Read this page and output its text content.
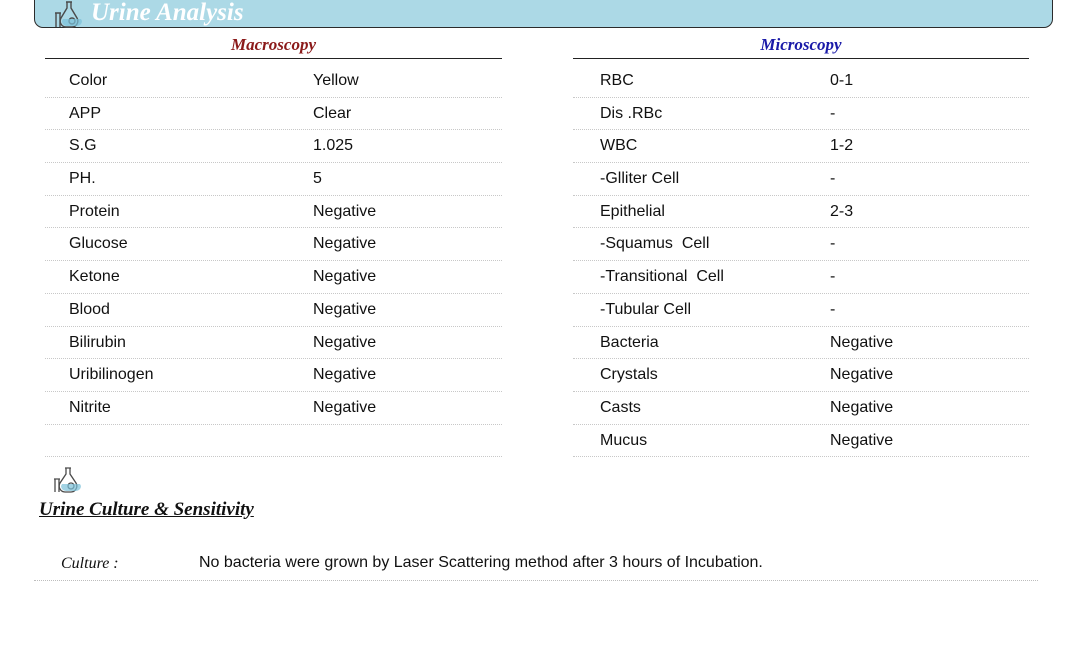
Urine Analysis
Macroscopy
Color	Yellow
APP	Clear
S.G	1.025
PH.	5
Protein	Negative
Glucose	Negative
Ketone	Negative
Blood	Negative
Bilirubin	Negative
Uribilinogen	Negative
Nitrite	Negative
Microscopy
RBC	0-1
Dis .RBc	-
WBC	1-2
-Glliter Cell	-
Epithelial	2-3
-Squamus  Cell	-
-Transitional  Cell	-
-Tubular Cell	-
Bacteria	Negative
Crystals	Negative
Casts	Negative
Mucus	Negative
Urine Culture & Sensitivity
Culture :	No bacteria were grown by Laser Scattering method after 3 hours of Incubation.
